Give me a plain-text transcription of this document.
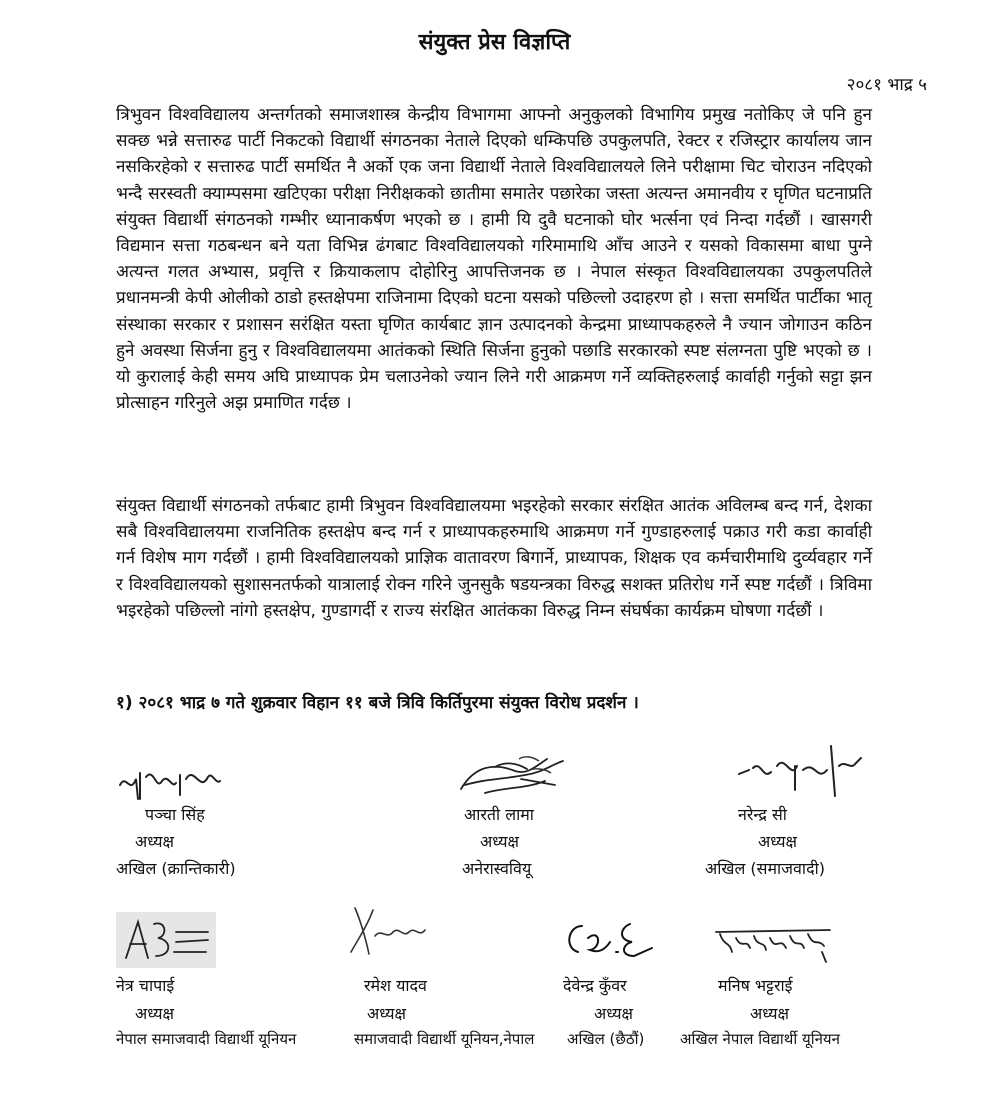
संयुक्त प्रेस विज्ञप्ति
२०८१ भाद्र ५

त्रिभुवन विश्वविद्यालय अन्तर्गतको समाजशास्त्र केन्द्रीय विभागमा आफ्नो अनुकुलको विभागिय प्रमुख नतोकिए जे पनि हुन सक्छ भन्ने सत्तारुढ पार्टी निकटको विद्यार्थी संगठनका नेताले दिएको धम्किपछि उपकुलपति, रेक्टर र रजिस्ट्रार कार्यालय जान नसकिरहेको र सत्तारुढ पार्टी समर्थित नै अर्को एक जना विद्यार्थी नेताले विश्वविद्यालयले लिने परीक्षामा चिट चोराउन नदिएको भन्दै सरस्वती क्याम्पसमा खटिएका परीक्षा निरीक्षकको छातीमा समातेर पछारेका जस्ता अत्यन्त अमानवीय र घृणित घटनाप्रति संयुक्त विद्यार्थी संगठनको गम्भीर ध्यानाकर्षण भएको छ । हामी यि दुवै घटनाको घोर भर्त्सना एवं निन्दा गर्दछौं । खासगरी विद्यमान सत्ता गठबन्धन बने यता विभिन्न ढंगबाट विश्वविद्यालयको गरिमामाथि आँच आउने र यसको विकासमा बाधा पुग्ने अत्यन्त गलत अभ्यास, प्रवृत्ति र क्रियाकलाप दोहोरिनु आपत्तिजनक छ । नेपाल संस्कृत विश्वविद्यालयका उपकुलपतिले प्रधानमन्त्री केपी ओलीको ठाडो हस्तक्षेपमा राजिनामा दिएको घटना यसको पछिल्लो उदाहरण हो । सत्ता समर्थित पार्टीका भातृ संस्थाका सरकार र प्रशासन सरंक्षित यस्ता घृणित कार्यबाट ज्ञान उत्पादनको केन्द्रमा प्राध्यापकहरुले नै ज्यान जोगाउन कठिन हुने अवस्था सिर्जना हुनु र विश्वविद्यालयमा आतंकको स्थिति सिर्जना हुनुको पछाडि सरकारको स्पष्ट संलग्नता पुष्टि भएको छ । यो कुरालाई केही समय अघि प्राध्यापक प्रेम चलाउनेको ज्यान लिने गरी आक्रमण गर्ने व्यक्तिहरुलाई कार्वाही गर्नुको सट्टा झन प्रोत्साहन गरिनुले अझ प्रमाणित गर्दछ ।

संयुक्त विद्यार्थी संगठनको तर्फबाट हामी त्रिभुवन विश्वविद्यालयमा भइरहेको सरकार संरक्षित आतंक अविलम्ब बन्द गर्न, देशका सबै विश्वविद्यालयमा राजनितिक हस्तक्षेप बन्द गर्न र प्राध्यापकहरुमाथि आक्रमण गर्ने गुण्डाहरुलाई पक्राउ गरी कडा कार्वाही गर्न विशेष माग गर्दछौं । हामी विश्वविद्यालयको प्राज्ञिक वातावरण बिगार्ने, प्राध्यापक, शिक्षक एव कर्मचारीमाथि दुर्व्यवहार गर्ने र विश्वविद्यालयको सुशासनतर्फको यात्रालाई रोक्न गरिने जुनसुकै षडयन्त्रका विरुद्ध सशक्त प्रतिरोध गर्ने स्पष्ट गर्दछौं । त्रिविमा भइरहेको पछिल्लो नांगो हस्तक्षेप, गुण्डागर्दी र राज्य संरक्षित आतंकका विरुद्ध निम्न संघर्षका कार्यक्रम घोषणा गर्दछौं ।

१) २०८१ भाद्र ७ गते शुक्रवार विहान ११ बजे त्रिवि किर्तिपुरमा संयुक्त विरोध प्रदर्शन ।
पञ्चा सिंह
अध्यक्ष
अखिल (क्रान्तिकारी)
आरती लामा
अध्यक्ष
अनेरास्ववियू
नरेन्द्र सी
अध्यक्ष
अखिल (समाजवादी)
नेत्र चापाई
अध्यक्ष
नेपाल समाजवादी विद्यार्थी यूनियन
रमेश यादव
अध्यक्ष
समाजवादी विद्यार्थी यूनियन,नेपाल
देवेन्द्र कुँवर
अध्यक्ष
अखिल (छैठौं)
मनिष भट्टराई
अध्यक्ष
अखिल नेपाल विद्यार्थी यूनियन
